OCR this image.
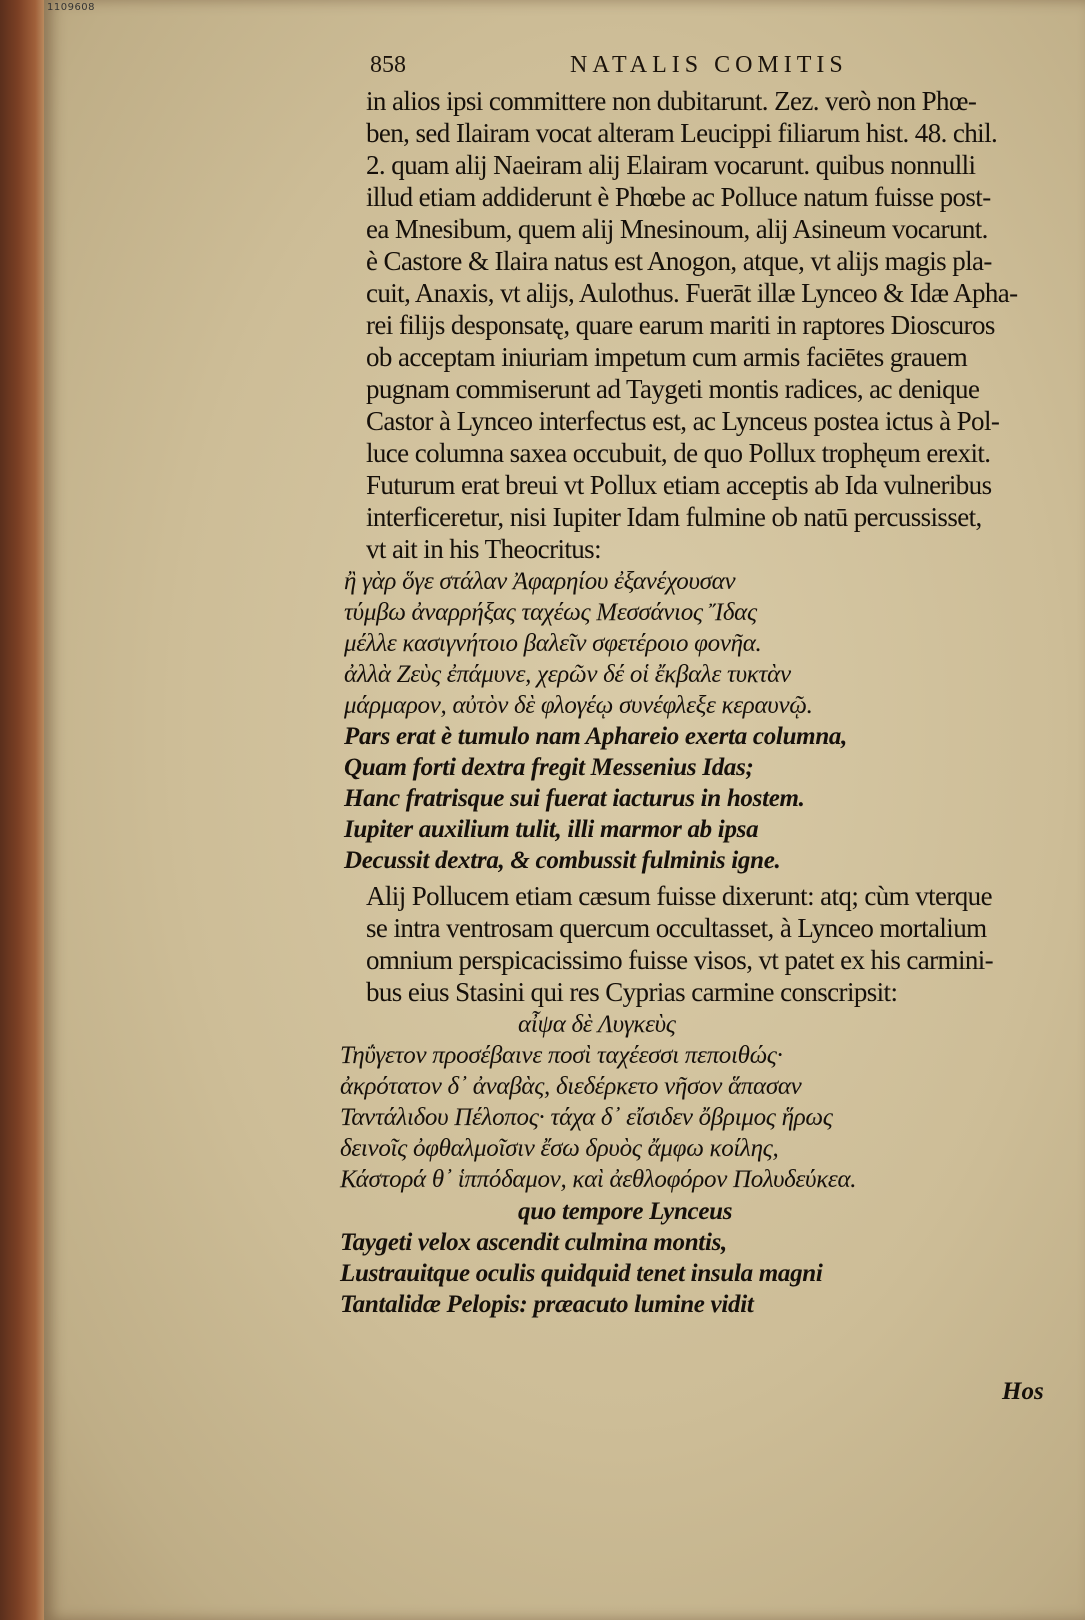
1109608
858	NATALIS COMITIS
in alios ipsi committere non dubitarunt. Zez. verò non Phœ-
ben, sed Ilairam vocat alteram Leucippi filiarum hist. 48. chil.
2. quam alij Naeiram alij Elairam vocarunt. quibus nonnulli
illud etiam addiderunt è Phœbe ac Polluce natum fuisse post-
ea Mnesibum, quem alij Mnesinoum, alij Asineum vocarunt.
è Castore & Ilaira natus est Anogon, atque, vt alijs magis pla-
cuit, Anaxis, vt alijs, Aulothus. Fuerāt illæ Lynceo & Idæ Apha-
rei filijs desponsatę, quare earum mariti in raptores Dioscuros
ob acceptam iniuriam impetum cum armis faciētes grauem
pugnam commiserunt ad Taygeti montis radices, ac denique
Castor à Lynceo interfectus est, ac Lynceus postea ictus à Pol-
luce columna saxea occubuit, de quo Pollux trophęum erexit.
Futurum erat breui vt Pollux etiam acceptis ab Ida vulneribus
interficeretur, nisi Iupiter Idam fulmine ob natū percussisset,
vt ait in his Theocritus:
ἢ γὰρ ὅγε στάλαν Ἀφαρηίου ἐξανέχουσαν
τύμβω ἀναρρήξας ταχέως Μεσσάνιος Ἴδας
μέλλε κασιγνήτοιο βαλεῖν σφετέροιο φονῆα.
ἀλλὰ Ζεὺς ἐπάμυνε, χερῶν δέ οἱ ἔκβαλε τυκτὰν
μάρμαρον, αὐτὸν δὲ φλογέῳ συνέφλεξε κεραυνῷ.
Pars erat è tumulo nam Aphareio exerta columna,
Quam forti dextra fregit Messenius Idas;
Hanc fratrisque sui fuerat iacturus in hostem.
Iupiter auxilium tulit, illi marmor ab ipsa
Decussit dextra, & combussit fulminis igne.
Alij Pollucem etiam cæsum fuisse dixerunt: atq; cùm vterque
se intra ventrosam quercum occultasset, à Lynceo mortalium
omnium perspicacissimo fuisse visos, vt patet ex his carmini-
bus eius Stasini qui res Cyprias carmine conscripsit:
αἶψα δὲ Λυγκεὺς
Τηΰγετον προσέβαινε ποσὶ ταχέεσσι πεποιθώς·
ἀκρότατον δ᾽ ἀναβὰς, διεδέρκετο νῆσον ἅπασαν
Ταντάλιδου Πέλοπος· τάχα δ᾽ εἴσιδεν ὄβριμος ἥρως
δεινοῖς ὀφθαλμοῖσιν ἔσω δρυὸς ἄμφω κοίλης,
Κάστορά θ᾽ ἱππόδαμον, καὶ ἀεθλοφόρον Πολυδεύκεα.
quo tempore Lynceus
Taygeti velox ascendit culmina montis,
Lustrauitque oculis quidquid tenet insula magni
Tantalidæ Pelopis: præacuto lumine vidit
Hos
